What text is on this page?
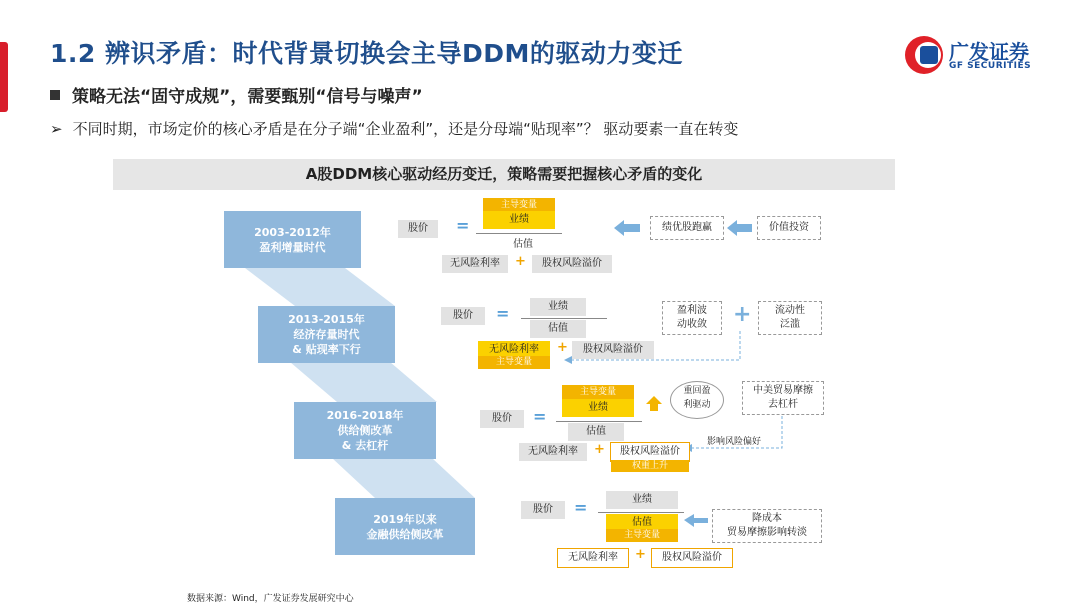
1.2 辨识矛盾：时代背景切换会主导DDM的驱动力变迁	广发证券
GF SECURITIES
策略无法“固守成规”，需要甄别“信号与噪声”
➢ 不同时期，市场定价的核心矛盾是在分子端“企业盈利”，还是分母端“贴现率”？ 驱动要素一直在转变
A股DDM核心驱动经历变迁，策略需要把握核心矛盾的变化
2003-2012年
盈利增量时代
2013-2015年
经济存量时代
& 贴现率下行
2016-2018年
供给侧改革
& 去杠杆
2019年以来
金融供给侧改革
股价	=
主导变量
业绩
估值
无风险利率	+	股权风险溢价
绩优股跑赢	价值投资
股价	=	业绩
估值
无风险利率
主导变量
+	股权风险溢价
盈利波
动收敛	+	流动性
泛滥
股价	=
主导变量
业绩
估值
无风险利率	+	股权风险溢价
权重上升
重回盈
利驱动
中美贸易摩擦
去杠杆
影响风险偏好
股价	=	业绩
估值
主导变量
无风险利率	+	股权风险溢价
降成本
贸易摩擦影响转淡
数据来源：Wind，广发证券发展研究中心
